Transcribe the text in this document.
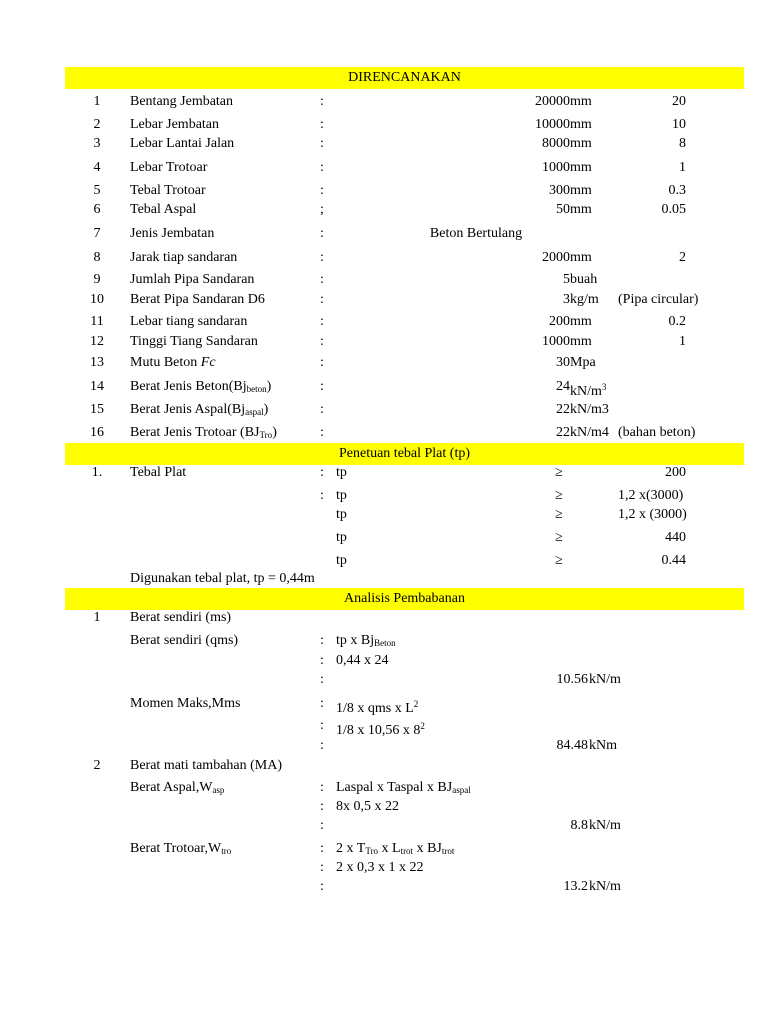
DIRENCANAKAN
1	Bentang Jembatan	:	20000 mm	20
2	Lebar Jembatan	:	10000 mm	10
3	Lebar Lantai Jalan	:	8000 mm	8
4	Lebar Trotoar	:	1000 mm	1
5	Tebal Trotoar	:	300 mm	0.3
6	Tebal Aspal	;	50 mm	0.05
7	Jenis Jembatan	:	Beton Bertulang
8	Jarak tiap sandaran	:	2000 mm	2
9	Jumlah Pipa Sandaran	:	5 buah
10	Berat Pipa Sandaran D6	:	3 kg/m (Pipa circular)
11	Lebar tiang sandaran	:	200 mm	0.2
12	Tinggi Tiang Sandaran	:	1000 mm	1
13	Mutu Beton Fc	:	30 Mpa
14	Berat Jenis $Beton(Bj_{beton})$	:	24 $kN/m^3$
15	Berat Jenis $Aspal(Bj_{aspal})$	:	22 kN/m3
16	Berat Jenis Trotoar $(BJ_{Tro})$	:	22 kN/m4 (bahan beton)
Penetuan tebal Plat (tp)
1.	Tebal Plat	: tp	≥	200
: tp	≥	1,2 x(3000)
tp	≥	1,2 x (3000)
tp	≥	440
tp	≥	0.44
Digunakan tebal plat, tp = 0,44m
Analisis Pembabanan
1	Berat sendiri (ms)
Berat sendiri (qms)	: tp x $Bj_{Beton}$
: 0,44 x 24
:	10.56 kN/m
Momen Maks,Mms	: 1/8 x qms x $L^2$
: 1/8 x 10,56 x $8^2$
:	84.48 kNm
2	Berat mati tambahan (MA)
Berat $Aspal,W_{asp}$	: Laspal x Taspal x $BJ_{aspal}$
: 8x 0,5 x 22
:	8.8 kN/m
Berat $Trotoar,W_{tro}$	: 2 x $T_{Tro}$ x $L_{trot}$ x $BJ_{trot}$
: 2 x 0,3 x 1 x 22
:	13.2 kN/m
